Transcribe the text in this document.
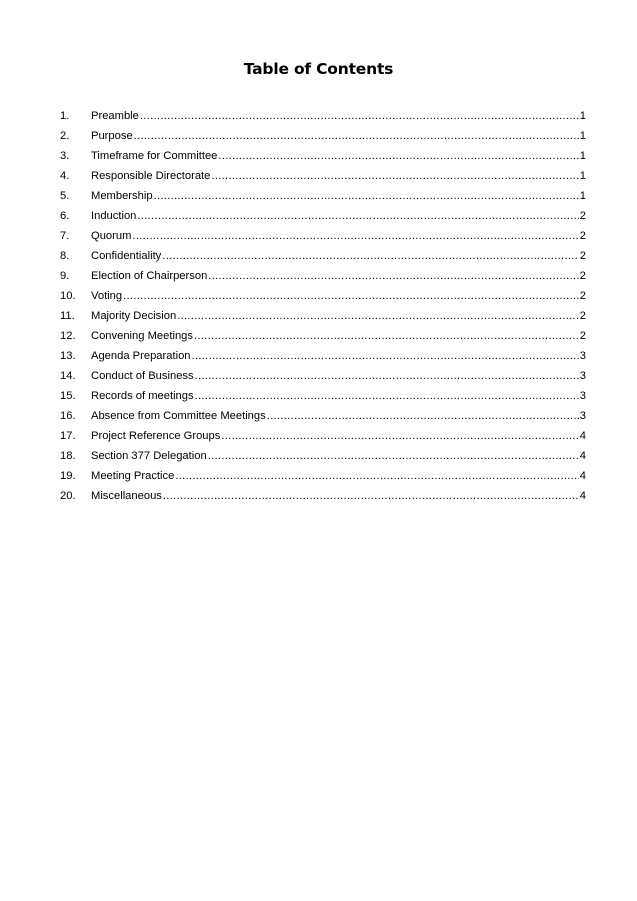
Table of Contents
1.	Preamble .....	1
2.	Purpose .....	1
3.	Timeframe for Committee .....	1
4.	Responsible Directorate .....	1
5.	Membership .....	1
6.	Induction .....	2
7.	Quorum .....	2
8.	Confidentiality .....	2
9.	Election of Chairperson .....	2
10.	Voting .....	2
11.	Majority Decision .....	2
12.	Convening Meetings .....	2
13.	Agenda Preparation .....	3
14.	Conduct of Business .....	3
15.	Records of meetings .....	3
16.	Absence from Committee Meetings .....	3
17.	Project Reference Groups .....	4
18.	Section 377 Delegation .....	4
19.	Meeting Practice .....	4
20.	Miscellaneous .....	4
